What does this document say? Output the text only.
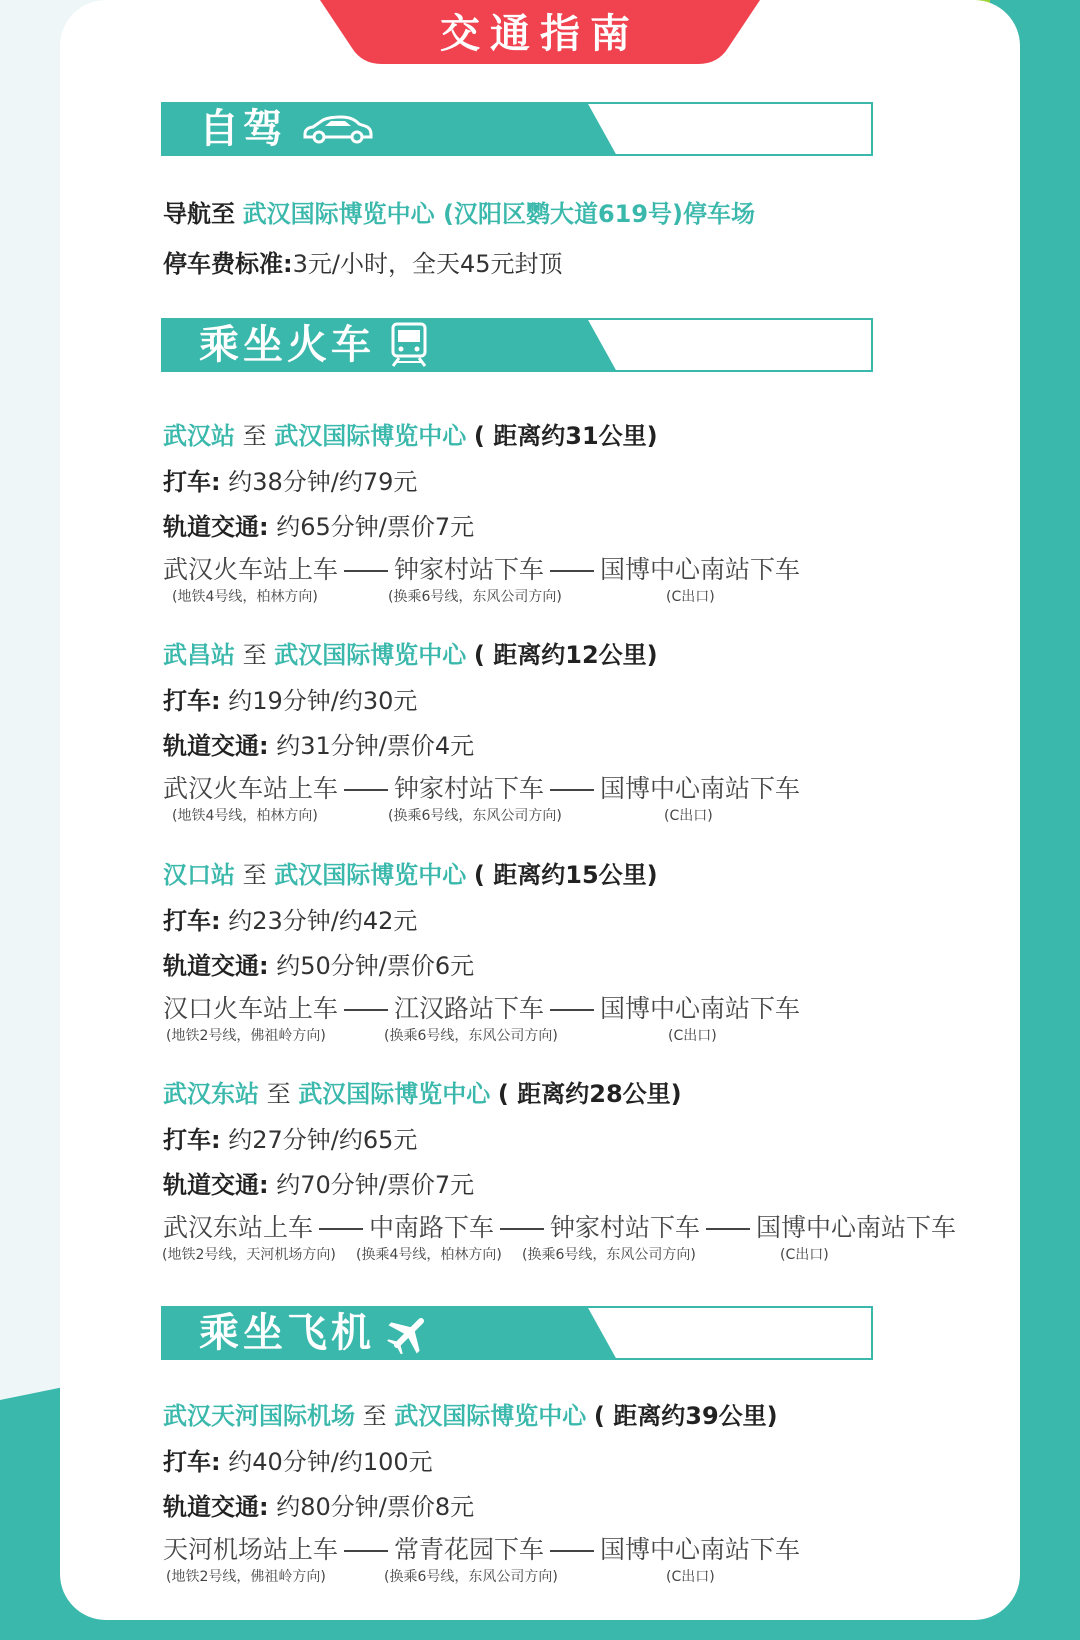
交通指南
自驾
导航至 武汉国际博览中心 (汉阳区鹦大道619号)停车场
停车费标准:3元/小时，全天45元封顶
乘坐火车
武汉站 至 武汉国际博览中心 ( 距离约31公里)
打车: 约38分钟/约79元
轨道交通: 约65分钟/票价7元
武汉火车站上车 钟家村站下车 国博中心南站下车
(地铁4号线，柏林方向)	(换乘6号线，东风公司方向)	(C出口)
武昌站 至 武汉国际博览中心 ( 距离约12公里)
打车: 约19分钟/约30元
轨道交通: 约31分钟/票价4元
武汉火车站上车 钟家村站下车 国博中心南站下车
(地铁4号线，柏林方向)	(换乘6号线，东风公司方向)	(C出口)
汉口站 至 武汉国际博览中心 ( 距离约15公里)
打车: 约23分钟/约42元
轨道交通: 约50分钟/票价6元
汉口火车站上车 江汉路站下车 国博中心南站下车
(地铁2号线，佛祖岭方向)	(换乘6号线，东风公司方向)	(C出口)
武汉东站 至 武汉国际博览中心 ( 距离约28公里)
打车: 约27分钟/约65元
轨道交通: 约70分钟/票价7元
武汉东站上车 中南路下车 钟家村站下车 国博中心南站下车
(地铁2号线，天河机场方向) (换乘4号线，柏林方向) (换乘6号线，东风公司方向)	(C出口)
乘坐飞机
武汉天河国际机场 至 武汉国际博览中心 ( 距离约39公里)
打车: 约40分钟/约100元
轨道交通: 约80分钟/票价8元
天河机场站上车 常青花园下车 国博中心南站下车
(地铁2号线，佛祖岭方向)	(换乘6号线，东风公司方向)	(C出口)
